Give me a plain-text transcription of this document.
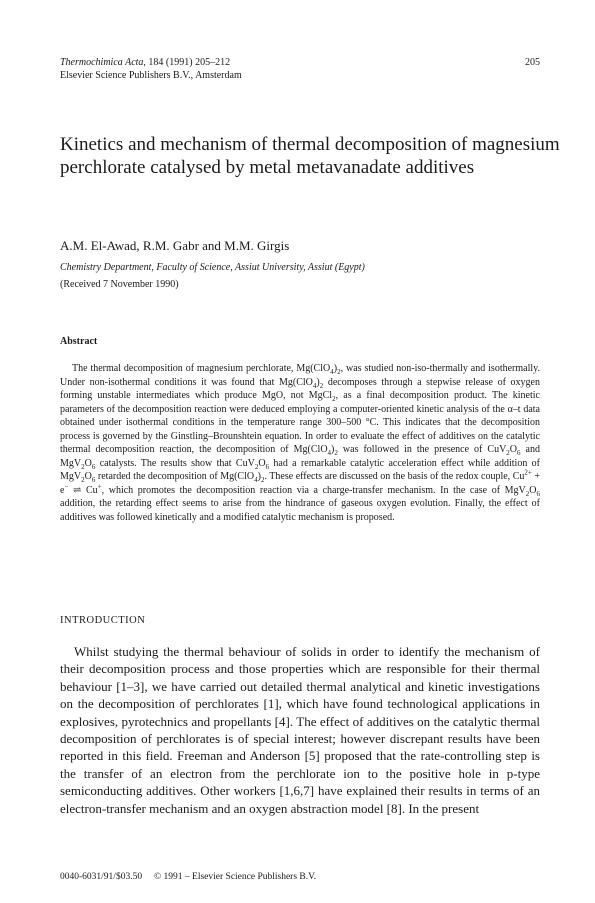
Thermochimica Acta, 184 (1991) 205–212
Elsevier Science Publishers B.V., Amsterdam
205
Kinetics and mechanism of thermal decomposition of magnesium perchlorate catalysed by metal metavanadate additives
A.M. El-Awad, R.M. Gabr and M.M. Girgis
Chemistry Department, Faculty of Science, Assiut University, Assiut (Egypt)
(Received 7 November 1990)
Abstract
The thermal decomposition of magnesium perchlorate, $Mg(ClO_4)_2$, was studied non-iso-thermally and isothermally. Under non-isothermal conditions it was found that $Mg(ClO_4)_2$ decomposes through a stepwise release of oxygen forming unstable intermediates which produce MgO, not MgCl$_2$, as a final decomposition product. The kinetic parameters of the decomposition reaction were deduced employing a computer-oriented kinetic analysis of the α–t data obtained under isothermal conditions in the temperature range 300–500 °C. This indicates that the decomposition process is governed by the Ginstling–Brounshtein equation. In order to evaluate the effect of additives on the catalytic thermal decomposition reaction, the decomposition of $Mg(ClO_4)_2$ was followed in the presence of $CuV_2O_6$ and $MgV_2O_6$ catalysts. The results show that $CuV_2O_6$ had a remarkable catalytic acceleration effect while addition of $MgV_2O_6$ retarded the decomposition of $Mg(ClO_4)_2$. These effects are discussed on the basis of the redox couple, $Cu^{2+} + e^-$ ⇌ Cu+, which promotes the decomposition reaction via a charge-transfer mechanism. In the case of $MgV_2O_6$ addition, the retarding effect seems to arise from the hindrance of gaseous oxygen evolution. Finally, the effect of additives was followed kinetically and a modified catalytic mechanism is proposed.
INTRODUCTION
Whilst studying the thermal behaviour of solids in order to identify the mechanism of their decomposition process and those properties which are responsible for their thermal behaviour [1–3], we have carried out detailed thermal analytical and kinetic investigations on the decomposition of perchlorates [1], which have found technological applications in explosives, pyrotechnics and propellants [4]. The effect of additives on the catalytic thermal decomposition of perchlorates is of special interest; however discrepant results have been reported in this field. Freeman and Anderson [5] proposed that the rate-controlling step is the transfer of an electron from the perchlorate ion to the positive hole in p-type semiconducting additives. Other workers [1,6,7] have explained their results in terms of an electron-transfer mechanism and an oxygen abstraction model [8]. In the present
0040-6031/91/$03.50     © 1991 – Elsevier Science Publishers B.V.
